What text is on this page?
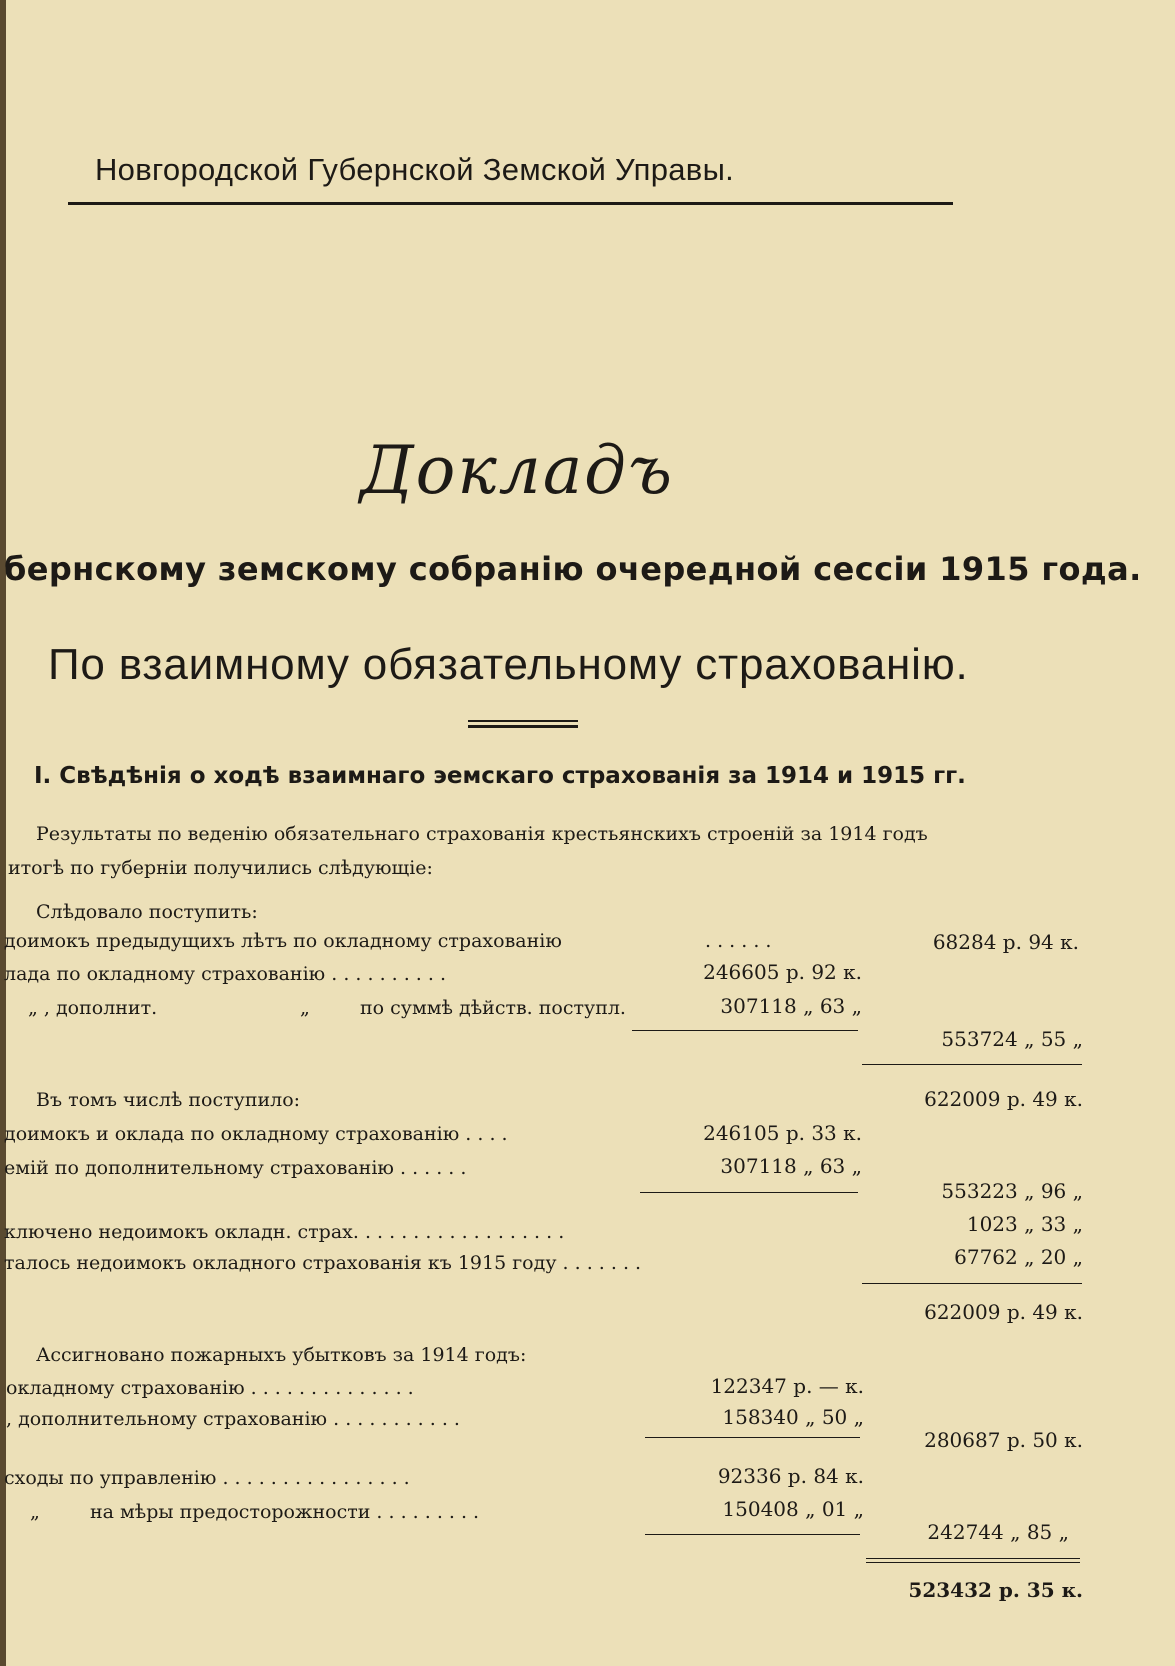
Новгородской Губернской Земской Управы.
Докладъ
бернскому земскому собранію очередной сессіи 1915 года.
По взаимному обязательному страхованію.
I. Свѣдѣнія о ходѣ взаимнаго эемскаго страхованія за 1914 и 1915 гг.
Результаты по веденію обязательнаго страхованія крестьянскихъ строеній за 1914 годъ
итогѣ по губерніи получились слѣдующіе:
Слѣдовало поступить:
доимокъ предыдущихъ лѣтъ по окладному страхованію	. . . . . .	68284 р. 94 к.
лада по окладному страхованію . . . . . . . . . .	246605 р. 92 к.
„ , дополнит.	„	по суммѣ дѣйств. поступл.	307118 „ 63 „
553724 „ 55 „
Въ томъ числѣ поступило:	622009 р. 49 к.
доимокъ и оклада по окладному страхованію . . . .	246105 р. 33 к.
емій по дополнительному страхованію . . . . . .	307118 „ 63 „
553223 „ 96 „
ключено недоимокъ окладн. страх. . . . . . . . . . . . . . . . . .	1023 „ 33 „
талось недоимокъ окладного страхованія къ 1915 году . . . . . . .	67762 „ 20 „
622009 р. 49 к.
Ассигновано пожарныхъ убытковъ за 1914 годъ:
окладному страхованію . . . . . . . . . . . . . .	122347 р. — к.
, дополнительному страхованію . . . . . . . . . . .	158340 „ 50 „
280687 р. 50 к.
сходы по управленію . . . . . . . . . . . . . . . .	92336 р. 84 к.
„	на мѣры предосторожности . . . . . . . . .	150408 „ 01 „
242744 „ 85 „
523432 р. 35 к.
